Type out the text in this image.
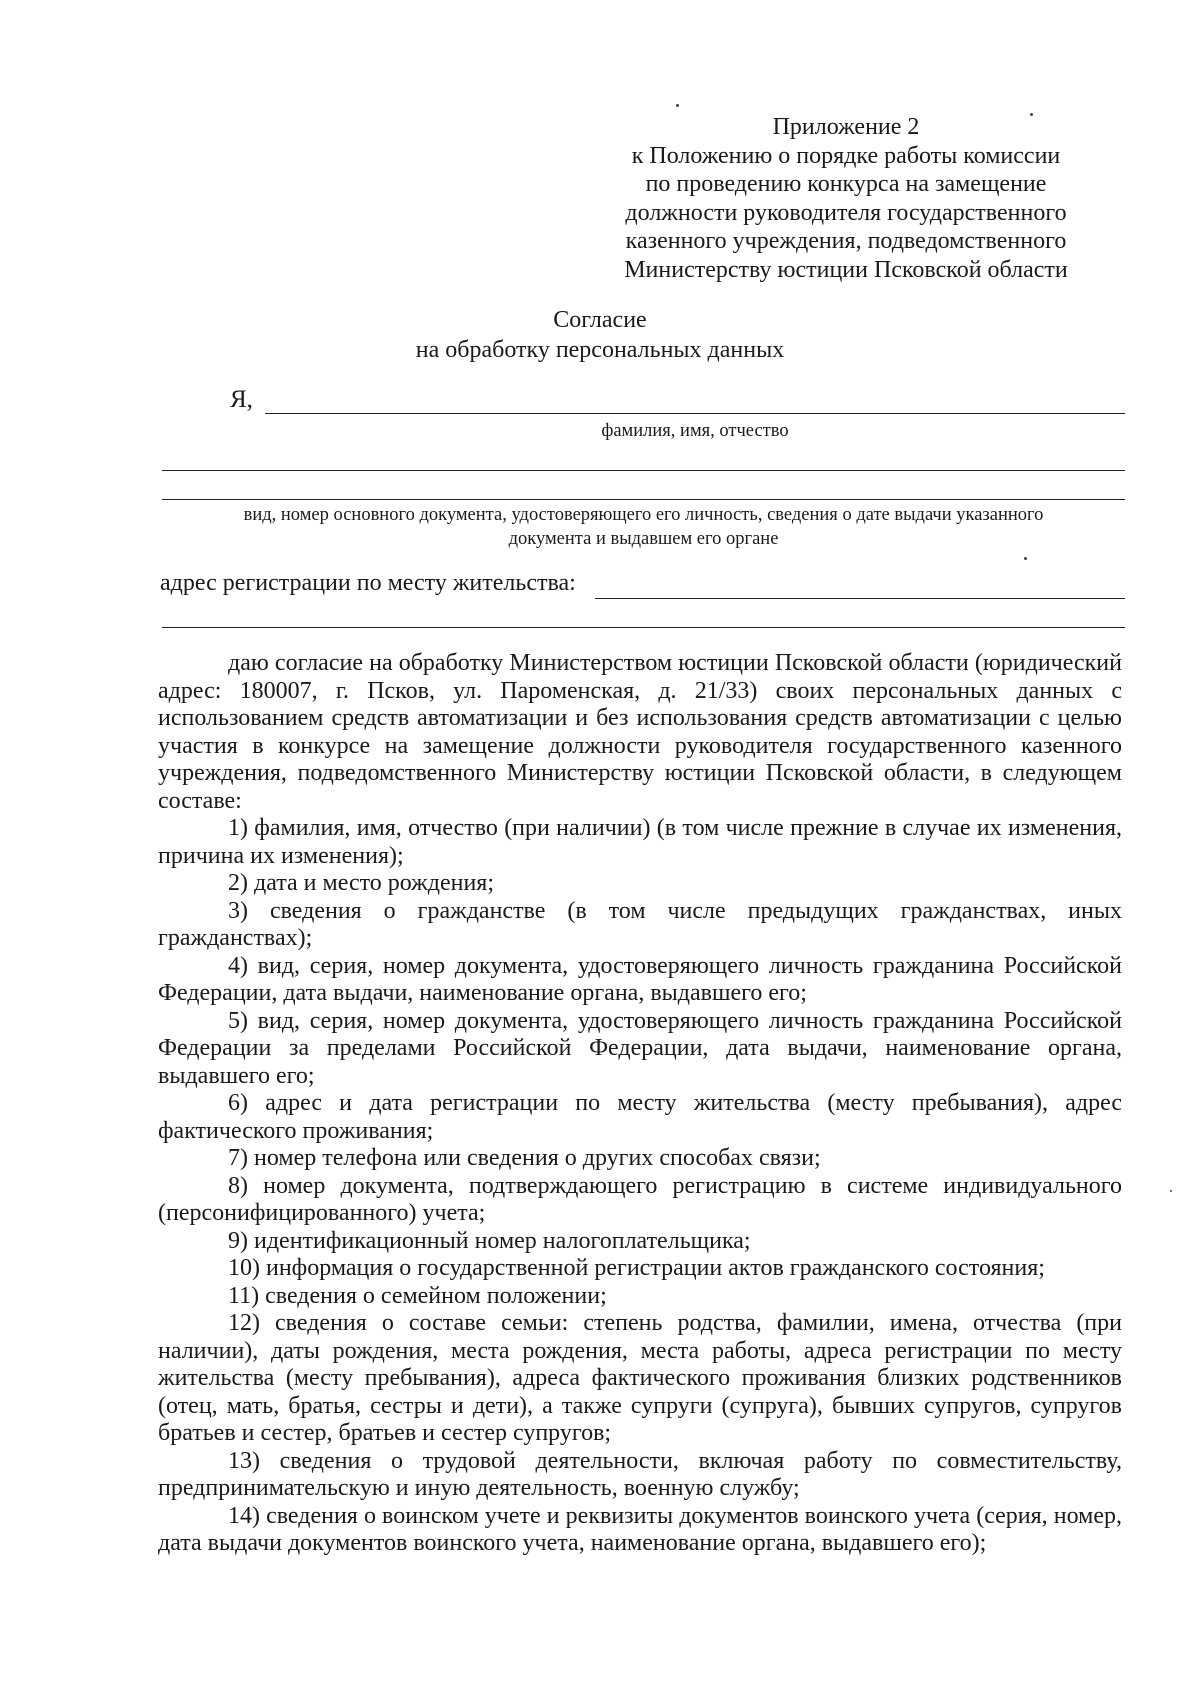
Приложение 2
к Положению о порядке работы комиссии
по проведению конкурса на замещение
должности руководителя государственного
казенного учреждения, подведомственного
Министерству юстиции Псковской области
Согласие
на обработку персональных данных
Я,
фамилия, имя, отчество
вид, номер основного документа, удостоверяющего его личность, сведения о дате выдачи указанного
документа и выдавшем его органе
адрес регистрации по месту жительства:

даю согласие на обработку Министерством юстиции Псковской области (юридический адрес: 180007, г. Псков, ул. Пароменская, д. 21/33) своих персональных данных с использованием средств автоматизации и без использования средств автоматизации с целью участия в конкурсе на замещение должности руководителя государственного казенного учреждения, подведомственного Министерству юстиции Псковской области, в следующем составе:

1) фамилия, имя, отчество (при наличии) (в том числе прежние в случае их изменения, причина их изменения);

2) дата и место рождения;

3) сведения о гражданстве (в том числе предыдущих гражданствах, иных гражданствах);

4) вид, серия, номер документа, удостоверяющего личность гражданина Российской Федерации, дата выдачи, наименование органа, выдавшего его;

5) вид, серия, номер документа, удостоверяющего личность гражданина Российской Федерации за пределами Российской Федерации, дата выдачи, наименование органа, выдавшего его;

6) адрес и дата регистрации по месту жительства (месту пребывания), адрес фактического проживания;

7) номер телефона или сведения о других способах связи;

8) номер документа, подтверждающего регистрацию в системе индивидуального (персонифицированного) учета;

9) идентификационный номер налогоплательщика;

10) информация о государственной регистрации актов гражданского состояния;

11) сведения о семейном положении;

12) сведения о составе семьи: степень родства, фамилии, имена, отчества (при наличии), даты рождения, места рождения, места работы, адреса регистрации по месту жительства (месту пребывания), адреса фактического проживания близких родственников (отец, мать, братья, сестры и дети), а также супруги (супруга), бывших супругов, супругов братьев и сестер, братьев и сестер супругов;

13) сведения о трудовой деятельности, включая работу по совместительству, предпринимательскую и иную деятельность, военную службу;

14) сведения о воинском учете и реквизиты документов воинского учета (серия, номер, дата выдачи документов воинского учета, наименование органа, выдавшего его);
